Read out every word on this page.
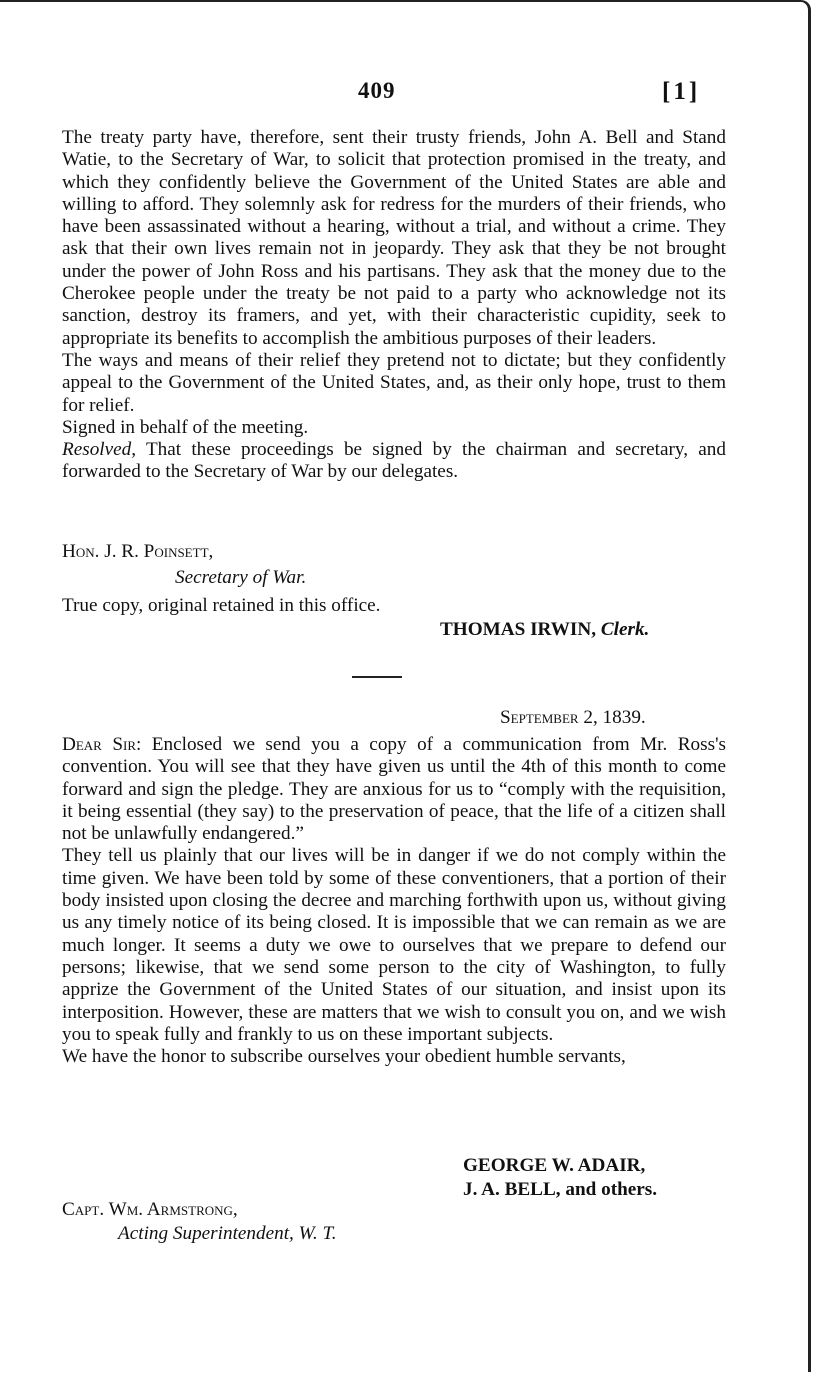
409	[1]

The treaty party have, therefore, sent their trusty friends, John A. Bell and Stand Watie, to the Secretary of War, to solicit that protection promised in the treaty, and which they confidently believe the Government of the United States are able and willing to afford. They solemnly ask for redress for the murders of their friends, who have been assassinated without a hearing, without a trial, and without a crime. They ask that their own lives remain not in jeopardy. They ask that they be not brought under the power of John Ross and his partisans. They ask that the money due to the Cherokee people under the treaty be not paid to a party who acknowledge not its sanction, destroy its framers, and yet, with their characteristic cupidity, seek to appropriate its benefits to accomplish the ambitious purposes of their leaders.

The ways and means of their relief they pretend not to dictate; but they confidently appeal to the Government of the United States, and, as their only hope, trust to them for relief.

Signed in behalf of the meeting.

Resolved, That these proceedings be signed by the chairman and secretary, and forwarded to the Secretary of War by our delegates.

Hon. J. R. Poinsett,
Secretary of War.
True copy, original retained in this office.
THOMAS IRWIN, Clerk.
September 2, 1839.

Dear Sir: Enclosed we send you a copy of a communication from Mr. Ross's convention. You will see that they have given us until the 4th of this month to come forward and sign the pledge. They are anxious for us to “comply with the requisition, it being essential (they say) to the preservation of peace, that the life of a citizen shall not be unlawfully endangered.”

They tell us plainly that our lives will be in danger if we do not comply within the time given. We have been told by some of these conventioners, that a portion of their body insisted upon closing the decree and marching forthwith upon us, without giving us any timely notice of its being closed. It is impossible that we can remain as we are much longer. It seems a duty we owe to ourselves that we prepare to defend our persons; likewise, that we send some person to the city of Washington, to fully apprize the Government of the United States of our situation, and insist upon its interposition. However, these are matters that we wish to consult you on, and we wish you to speak fully and frankly to us on these important subjects.

We have the honor to subscribe ourselves your obedient humble servants,

GEORGE W. ADAIR,
J. A. BELL, and others.
Capt. Wm. Armstrong,
Acting Superintendent, W. T.
